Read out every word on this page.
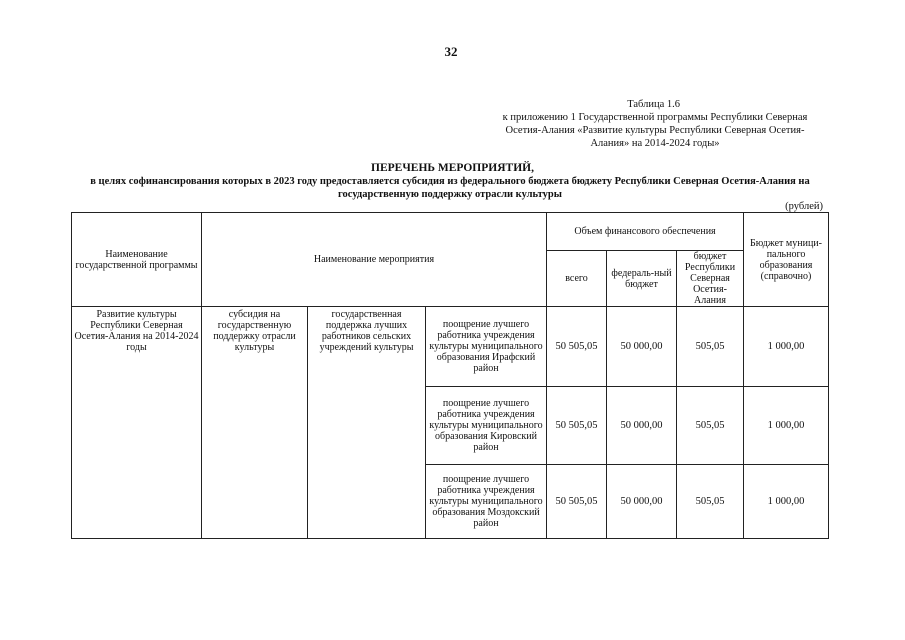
32
Таблица 1.6
к приложению 1 Государственной программы Республики Северная
Осетия-Алания «Развитие культуры Республики Северная Осетия-
Алания» на 2014-2024 годы»
ПЕРЕЧЕНЬ МЕРОПРИЯТИЙ,
в целях софинансирования которых в 2023 году предоставляется субсидия из федерального бюджета бюджету Республики Северная Осетия-Алания на государственную поддержку отрасли культуры
(рублей)
Наименование государственной программы	Наименование мероприятия			Объем финансового обеспечения			Бюджет муници-пального образования (справочно)
				всего	федераль-ный бюджет	бюджет Республики Северная Осетия-Алания	
Развитие культуры Республики Северная Осетия-Алания на 2014-2024 годы	субсидия на государственную поддержку отрасли культуры	государственная поддержка лучших работников сельских учреждений культуры	поощрение лучшего работника учреждения культуры муниципального образования Ирафский район	50 505,05	50 000,00	505,05	1 000,00
			поощрение лучшего работника учреждения культуры муниципального образования Кировский район	50 505,05	50 000,00	505,05	1 000,00
			поощрение лучшего работника учреждения культуры муниципального образования Моздокский район	50 505,05	50 000,00	505,05	1 000,00
